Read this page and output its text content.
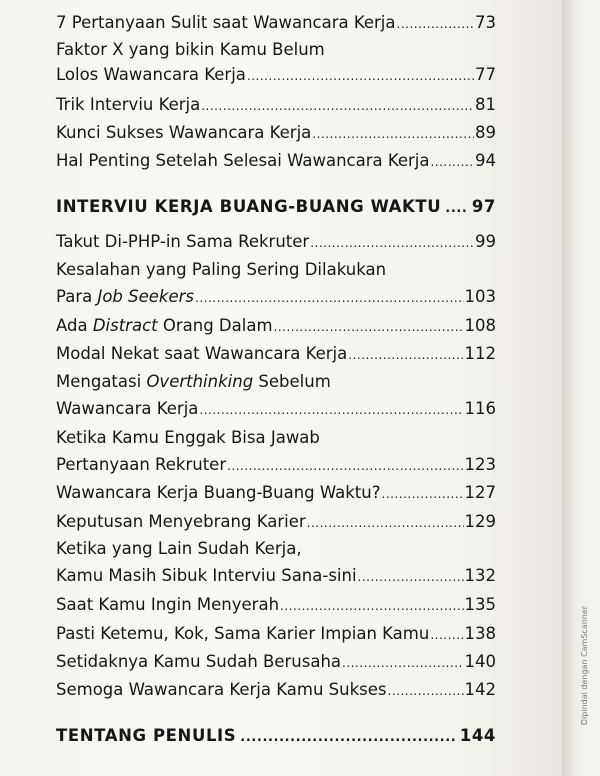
7 Pertanyaan Sulit saat Wawancara Kerja .....	73
Faktor X yang bikin Kamu Belum
Lolos Wawancara Kerja .....	77
Trik Interviu Kerja .....	81
Kunci Sukses Wawancara Kerja .....	89
Hal Penting Setelah Selesai Wawancara Kerja .....	94
INTERVIU KERJA BUANG-BUANG WAKTU ..... 97
Takut Di-PHP-in Sama Rekruter .....	99
Kesalahan yang Paling Sering Dilakukan
Para Job Seekers .....	103
Ada Distract Orang Dalam .....	108
Modal Nekat saat Wawancara Kerja .....	112
Mengatasi Overthinking Sebelum
Wawancara Kerja .....	116
Ketika Kamu Enggak Bisa Jawab
Pertanyaan Rekruter .....	123
Wawancara Kerja Buang-Buang Waktu? .....	127
Keputusan Menyebrang Karier .....	129
Ketika yang Lain Sudah Kerja,
Kamu Masih Sibuk Interviu Sana-sini .....	132
Saat Kamu Ingin Menyerah .....	135
Pasti Ketemu, Kok, Sama Karier Impian Kamu ..... 138
Setidaknya Kamu Sudah Berusaha .....	140
Semoga Wawancara Kerja Kamu Sukses .....	142
TENTANG PENULIS .....	144
Dipindai dengan CamScanner
